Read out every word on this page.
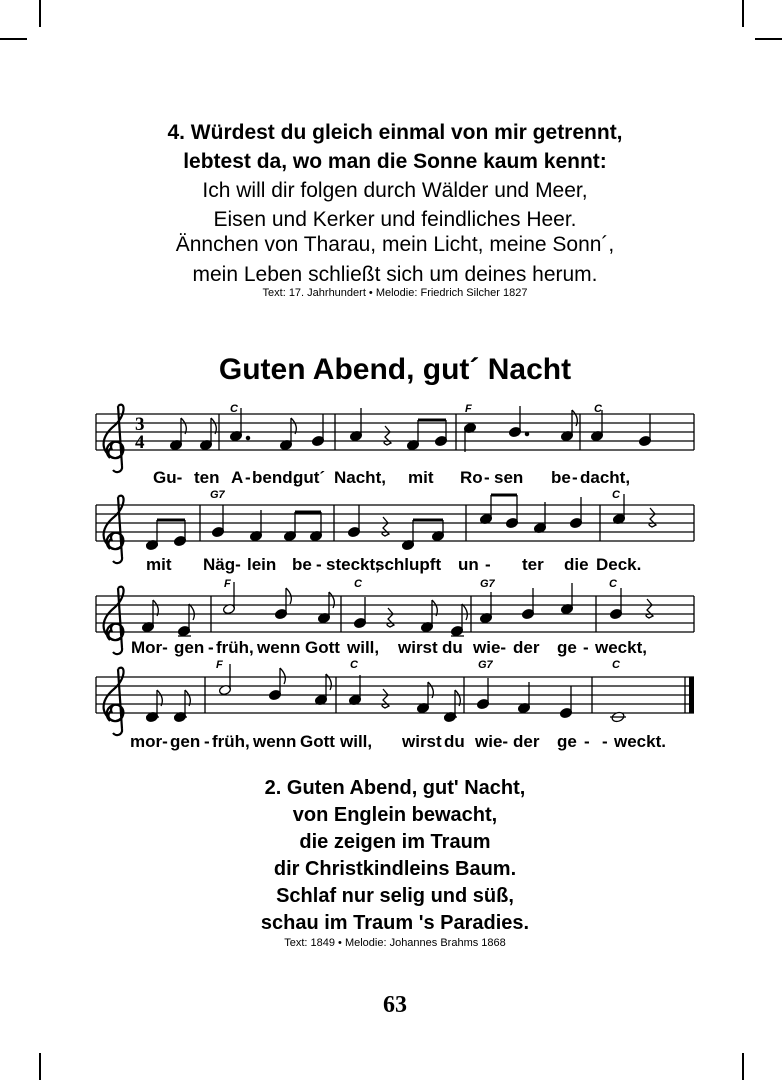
4. Würdest du gleich einmal von mir getrennt,
lebtest da, wo man die Sonne kaum kennt:
Ich will dir folgen durch Wälder und Meer,
Eisen und Kerker und feindliches Heer.
Ännchen von Tharau, mein Licht, meine Sonn´,
mein Leben schließt sich um deines herum.
Text: 17. Jahrhundert • Melodie: Friedrich Silcher 1827
Guten Abend, gut´ Nacht
3
4
C	F	C
Gu- ten A - bend,
gut´ Nacht, mit Ro - sen be - dacht,
G7	C
mit Näg- lein be - steckt,
schlupft un - ter die Deck.
F	C	G7	C
Mor- gen - früh, wenn Gott will, wirst du wie- der ge - weckt,
F	C	G7	C
mor- gen - früh, wenn Gott will, wirst du wie- der ge - - weckt.
2. Guten Abend, gut' Nacht,
von Englein bewacht,
die zeigen im Traum
dir Christkindleins Baum.
Schlaf nur selig und süß,
schau im Traum 's Paradies.
Text: 1849 • Melodie: Johannes Brahms 1868
63
